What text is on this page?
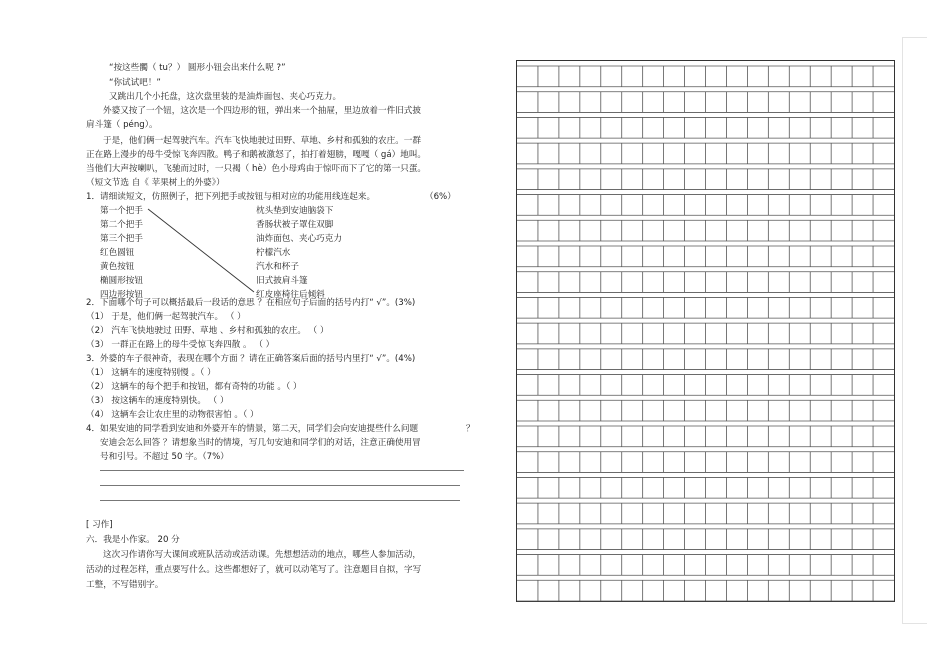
“按这些髑（ tu？） 圆形小钮会出来什么呢 ?”
“你试试吧！”
又跳出几个小托盘，这次盘里装的是油炸面包、夹心巧克力。
外婆又按了一个钮，这次是一个四边形的钮，弹出来一个抽屉，里边放着一件旧式披
肩斗篷（ péng）。
于是，他们俩一起驾驶汽车。汽车飞快地驶过田野、草地、乡村和孤独的农庄。一群
正在路上漫步的母牛受惊飞奔四散。鸭子和鹅被激怒了，拍打着翅膀，嘎嘎（ gá）地叫。
当他们大声按喇叭，飞驰而过时，一只褐（ hè）色小母鸡由于惊吓而下了它的第一只蛋。
（短文节选 自《 苹果树上的外婆》）
1．请细读短文，仿照例子，把下列把手或按钮与相对应的功能用线连起来。	（6%）
第一个把手
第二个把手
第三个把手
红色圆钮
黄色按钮
椭圆形按钮
四边形按钮
枕头垫到安迪脑袋下
香肠状被子罩住双脚
油炸面包、夹心巧克力
柠檬汽水
汽水和杯子
旧式披肩斗篷
红皮座椅往后倾斜
2．下面哪个句子可以概括最后一段话的意思 ？在相应句子后面的括号内打“ √”。(3%)
（1） 于是，他们俩一起驾驶汽车。 （ ）
（2） 汽车飞快地驶过 田野、草地 、乡村和孤独的农庄。 （ ）
（3） 一群正在路上的母牛受惊飞奔四散 。 （ ）
3．外婆的车子很神奇，表现在哪个方面 ？请在正确答案后面的括号内里打“ √”。(4%)
（1） 这辆车的速度特别慢 。（ ）
（2） 这辆车的每个把手和按钮，都有奇特的功能 。（ ）
（3） 按这辆车的速度特别快。 （ ）
（4） 这辆车会让农庄里的动物很害怕 。（ ）
4．如果安迪的同学看到安迪和外婆开车的情景，第二天，同学们会向安迪提些什么问题	？
安迪会怎么回答 ？请想象当时的情境，写几句安迪和同学们的对话，注意正确使用冒
号和引号。不超过 50 字。（7%）
[ 习作]
六．我是小作家。 20 分
这次习作请你写大课间或班队活动或活动课。先想想活动的地点，哪些人参加活动，
活动的过程怎样，重点要写什么。这些都想好了，就可以动笔写了。注意题目自拟，字写
工整，不写错别字。
